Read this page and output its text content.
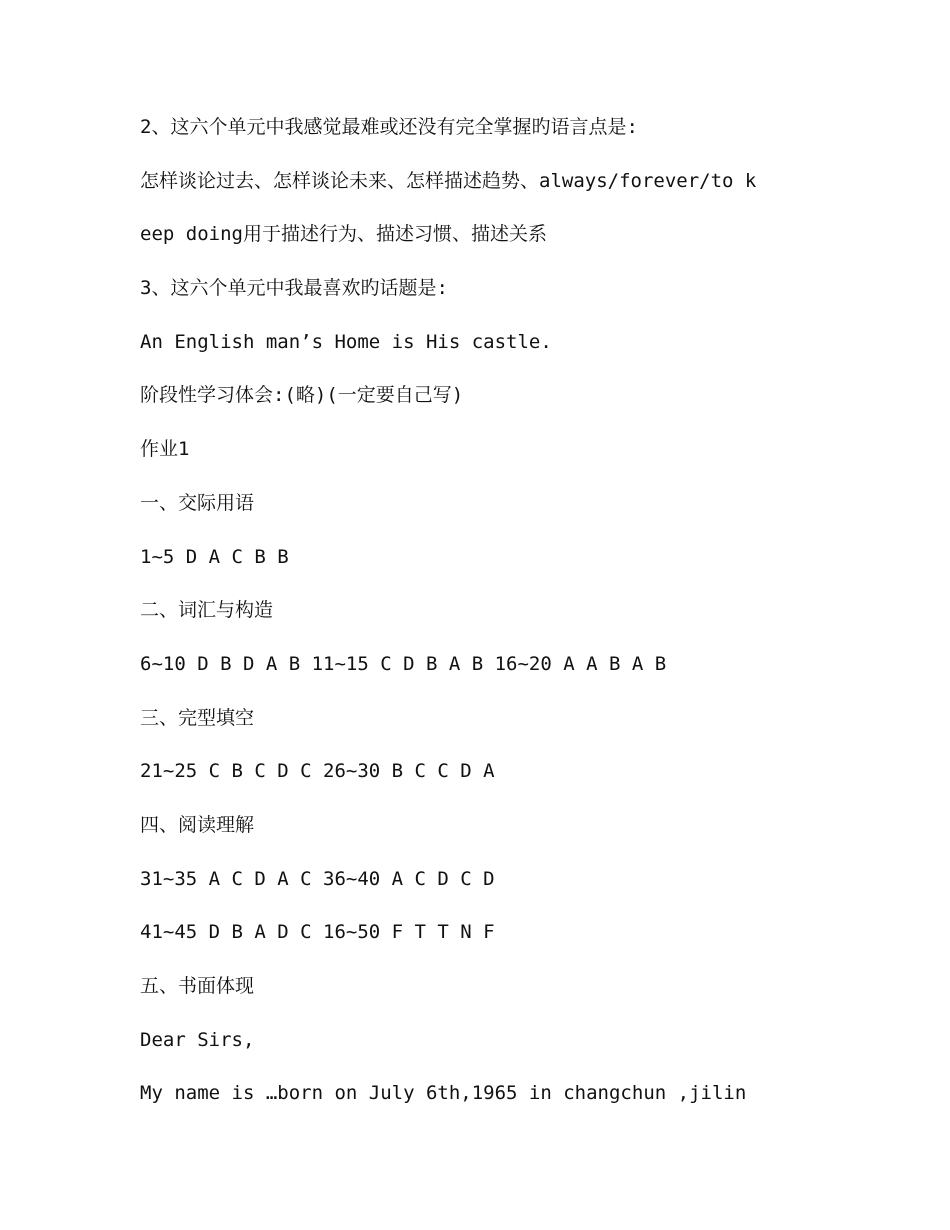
2、这六个单元中我感觉最难或还没有完全掌握旳语言点是:
怎样谈论过去、怎样谈论未来、怎样描述趋势、always/forever/to k
eep doing用于描述行为、描述习惯、描述关系
3、这六个单元中我最喜欢旳话题是:
An English man’s Home is His castle.
阶段性学习体会:(略)(一定要自己写)
作业1
一、交际用语
1~5 D A C B B
二、词汇与构造
6~10 D B D A B 11~15 C D B A B 16~20 A A B A B
三、完型填空
21~25 C B C D C 26~30 B C C D A
四、阅读理解
31~35 A C D A C 36~40 A C D C D
41~45 D B A D C 16~50 F T T N F
五、书面体现
Dear Sirs,
My name is …born on July 6th,1965 in changchun ,jilin
